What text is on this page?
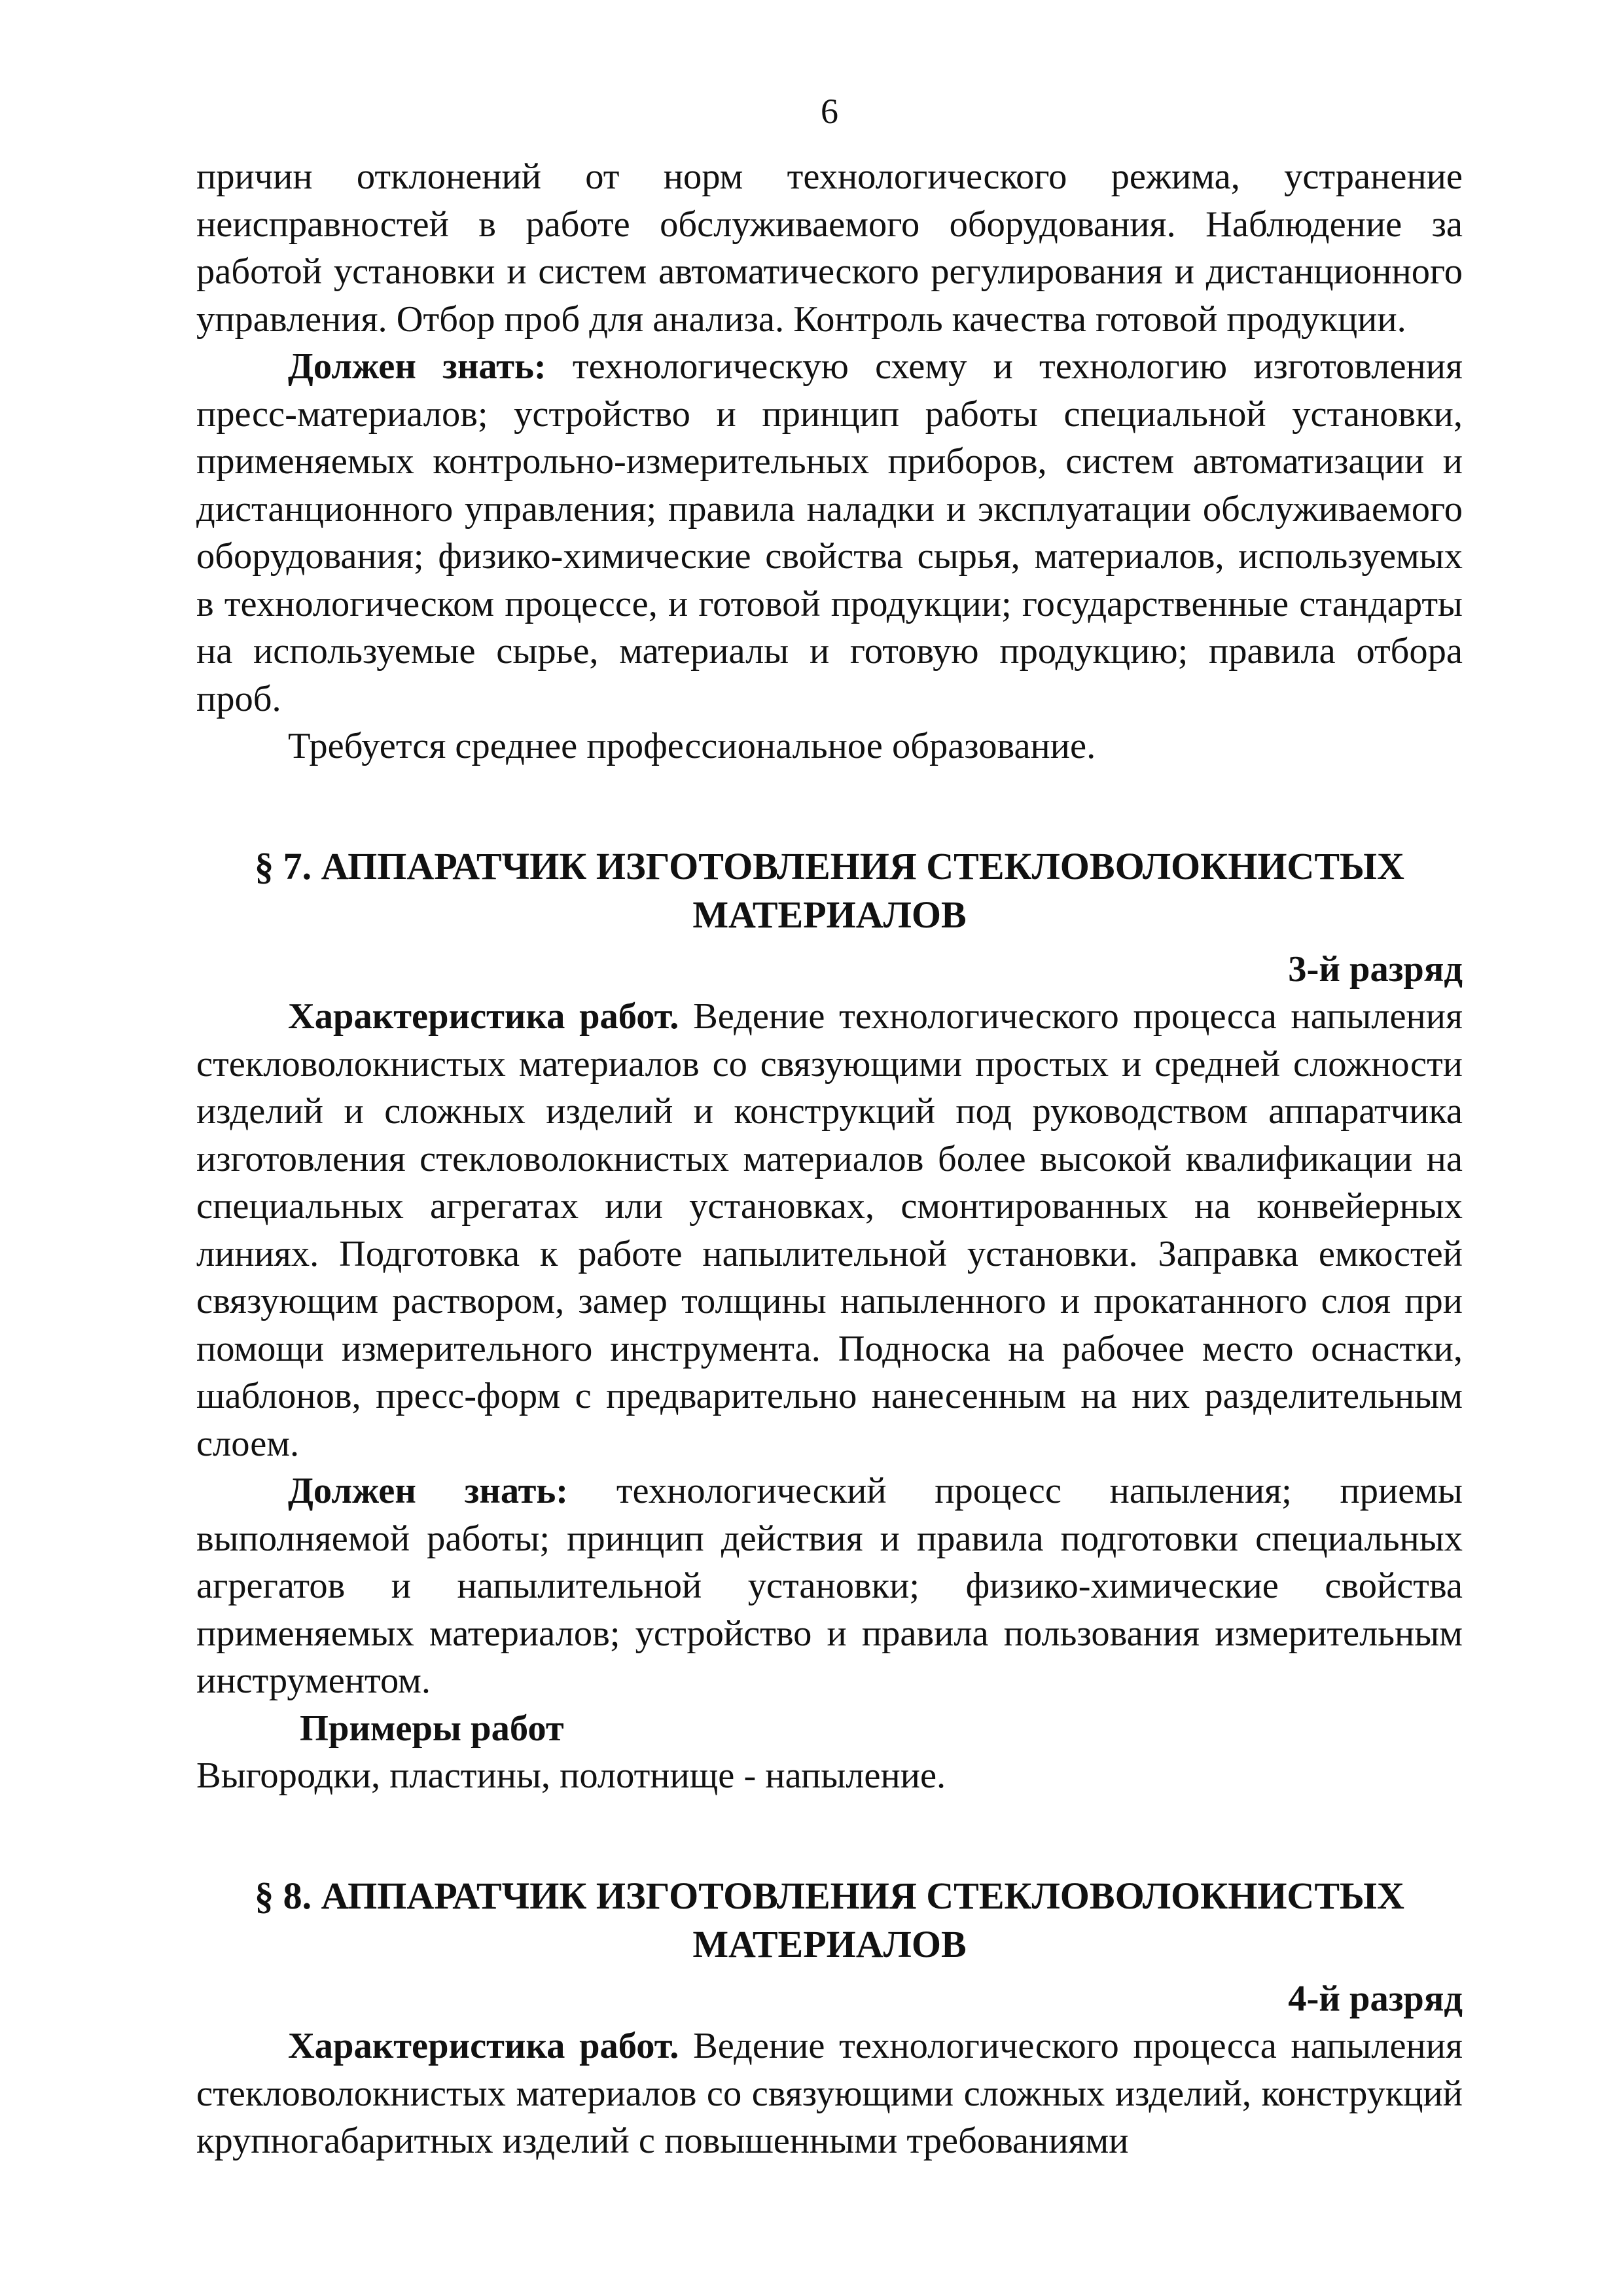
6

причин отклонений от норм технологического режима, устранение неисправностей в работе обслуживаемого оборудования. Наблюдение за работой установки и систем автоматического регулирования и дистанционного управления. Отбор проб для анализа. Контроль качества готовой продукции.

Должен знать: технологическую схему и технологию изготовления пресс-материалов; устройство и принцип работы специальной установки, применяемых контрольно-измерительных приборов, систем автоматизации и дистанционного управления; правила наладки и эксплуатации обслуживаемого оборудования; физико-химические свойства сырья, материалов, используемых в технологическом процессе, и готовой продукции; государственные стандарты на используемые сырье, материалы и готовую продукцию; правила отбора проб.

Требуется среднее профессиональное образование.

§ 7. АППАРАТЧИК ИЗГОТОВЛЕНИЯ СТЕКЛОВОЛОКНИСТЫХ
МАТЕРИАЛОВ
3-й разряд

Характеристика работ. Ведение технологического процесса напыления стекловолокнистых материалов со связующими простых и средней сложности изделий и сложных изделий и конструкций под руководством аппаратчика изготовления стекловолокнистых материалов более высокой квалификации на специальных агрегатах или установках, смонтированных на конвейерных линиях. Подготовка к работе напылительной установки. Заправка емкостей связующим раствором, замер толщины напыленного и прокатанного слоя при помощи измерительного инструмента. Подноска на рабочее место оснастки, шаблонов, пресс-форм с предварительно нанесенным на них разделительным слоем.

Должен знать: технологический процесс напыления; приемы выполняемой работы; принцип действия и правила подготовки специальных агрегатов и напылительной установки; физико-химические свойства применяемых материалов; устройство и правила пользования измерительным инструментом.

Примеры работ

Выгородки, пластины, полотнище - напыление.

§ 8. АППАРАТЧИК ИЗГОТОВЛЕНИЯ СТЕКЛОВОЛОКНИСТЫХ
МАТЕРИАЛОВ
4-й разряд

Характеристика работ. Ведение технологического процесса напыления стекловолокнистых материалов со связующими сложных изделий, конструкций крупногабаритных изделий с повышенными требованиями
